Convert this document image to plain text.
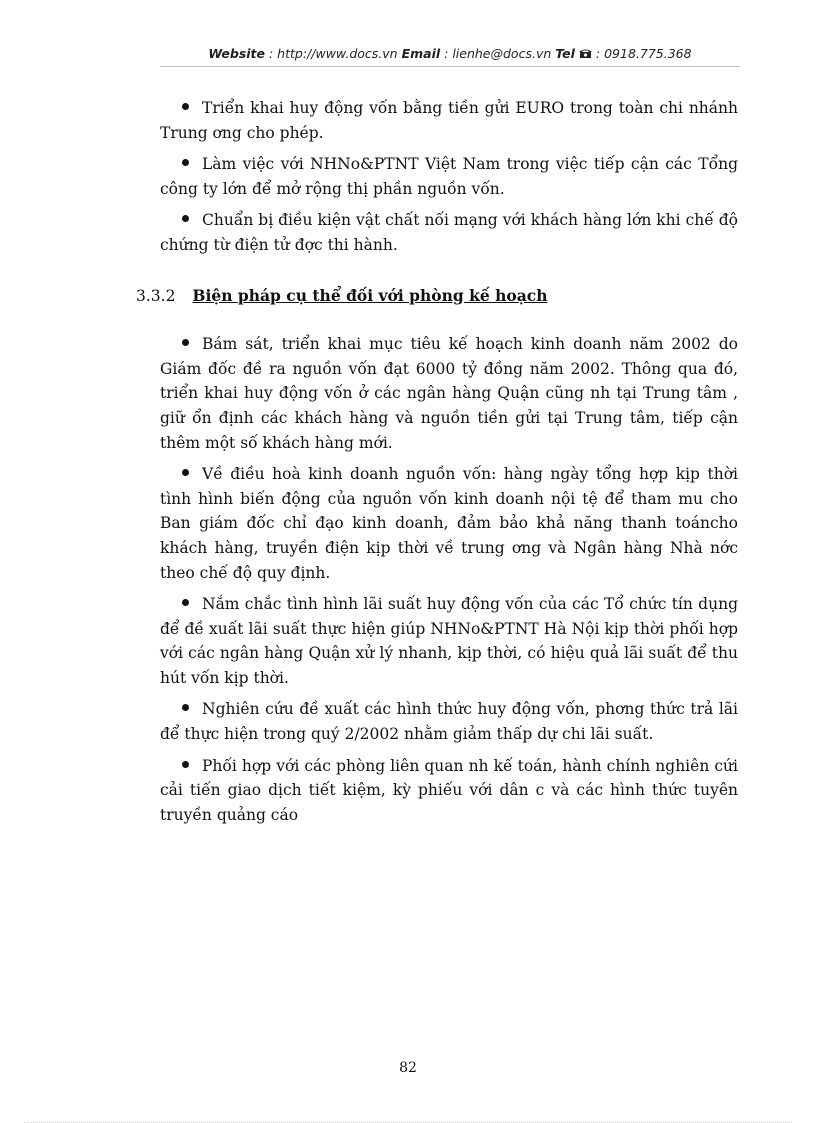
Website : http://www.docs.vn Email : lienhe@docs.vn Tel : 0918.775.368

Triển khai huy động vốn bằng tiền gửi EURO trong toàn chi nhánh Trung ơng cho phép.

Làm việc với NHNo&PTNT Việt Nam trong việc tiếp cận các Tổng công ty lớn để mở rộng thị phần nguồn vốn.

Chuẩn bị điều kiện vật chất nối mạng với khách hàng lớn khi chế độ chứng từ điện tử đợc thi hành.

3.3.2 Biện pháp cụ thể đối với phòng kế hoạch

Bám sát, triển khai mục tiêu kế hoạch kinh doanh năm 2002 do Giám đốc đề ra nguồn vốn đạt 6000 tỷ đồng năm 2002. Thông qua đó, triển khai huy động vốn ở các ngân hàng Quận cũng nh tại Trung tâm , giữ ổn định các khách hàng và nguồn tiền gửi tại Trung tâm, tiếp cận thêm một số khách hàng mới.

Về điều hoà kinh doanh nguồn vốn: hàng ngày tổng hợp kịp thời tình hình biến động của nguồn vốn kinh doanh nội tệ để tham mu cho Ban giám đốc chỉ đạo kinh doanh, đảm bảo khả năng thanh toáncho khách hàng, truyền điện kịp thời về trung ơng và Ngân hàng Nhà nớc theo chế độ quy định.

Nắm chắc tình hình lãi suất huy động vốn của các Tổ chức tín dụng để đề xuất lãi suất thực hiện giúp NHNo&PTNT Hà Nội kịp thời phối hợp với các ngân hàng Quận xử lý nhanh, kịp thời, có hiệu quả lãi suất để thu hút vốn kịp thời.

Nghiên cứu đề xuất các hình thức huy động vốn, phơng thức trả lãi để thực hiện trong quý 2/2002 nhằm giảm thấp dự chi lãi suất.

Phối hợp với các phòng liên quan nh kế toán, hành chính nghiên cứi cải tiến giao dịch tiết kiệm, kỳ phiếu với dân c và các hình thức tuyên truyền quảng cáo

82
